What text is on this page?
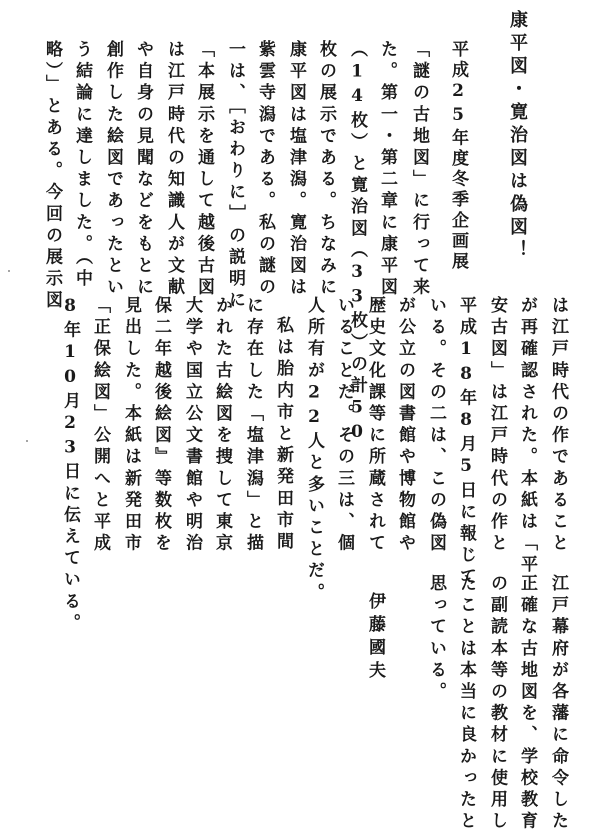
康平図・寛治図は偽図！
平成25年度冬季企画展
「謎の古地図」に行って来
た。第一・第二章に康平図
（14枚）と寛治図（33枚）の計50
枚の展示である。ちなみに
康平図は塩津潟。寛治図は
紫雲寺潟である。私の謎の
一は、［おわりに］の説明に
「本展示を通して越後古図
は江戸時代の知識人が文献
や自身の見聞などをもとに
創作した絵図であったとい
う結論に達しました。（中
略）」とある。今回の展示図
は江戸時代の作であること
が再確認された。本紙は「平
安古図」は江戸時代の作と
平成18年8月5日に報じて
いる。その二は、この偽図
が公立の図書館や博物館や
歴史文化課等に所蔵されて
いることだ。その三は、個
人所有が22人と多いことだ。
私は胎内市と新発田市間
に存在した「塩津潟」と描
かれた古絵図を捜して東京
大学や国立公文書館や明治
保二年越後絵図』等数枚を
見出した。本紙は新発田市
「正保絵図」公開へと平成
8年10月23日に伝えている。
江戸幕府が各藩に命令した
正確な古地図を、学校教育
の副読本等の教材に使用し
たことは本当に良かったと
思っている。
伊藤國夫
